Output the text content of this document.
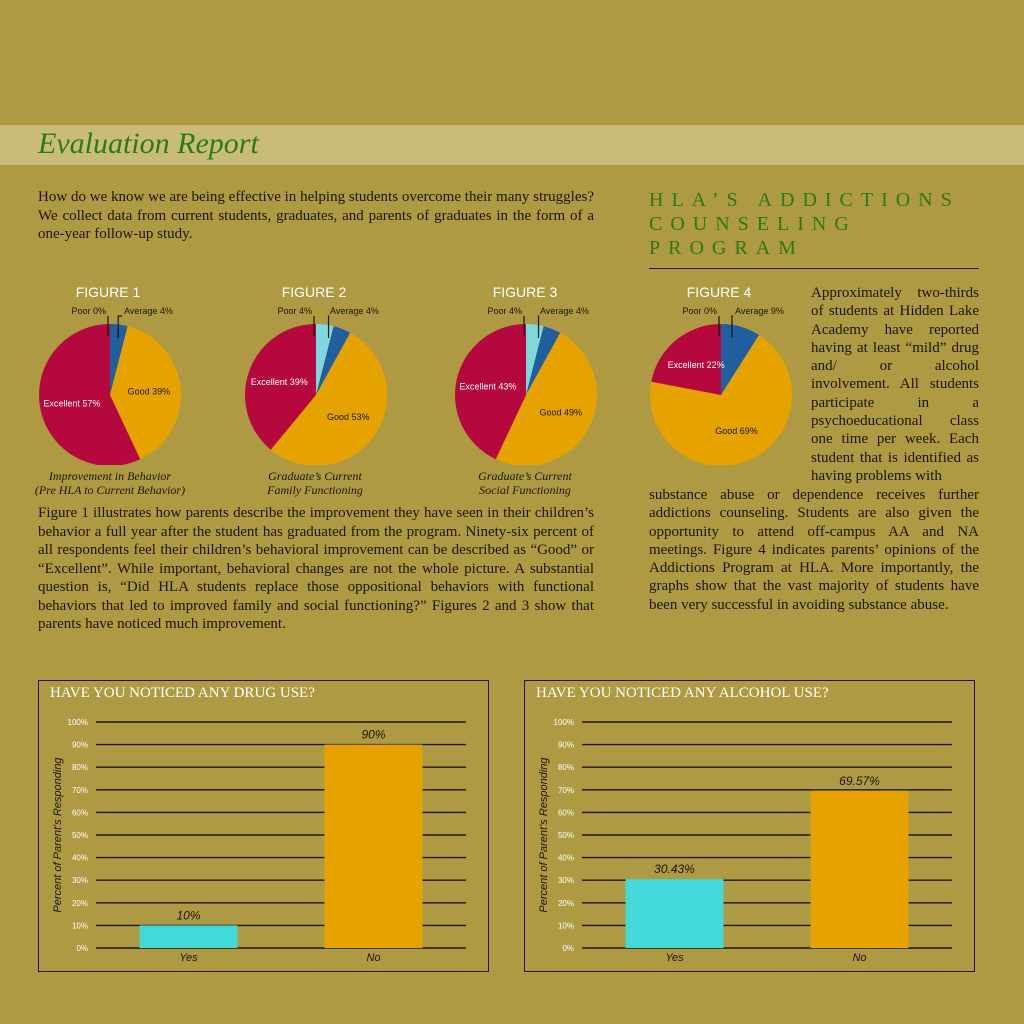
Evaluation Report
How do we know we are being effective in helping students overcome their many struggles? We collect data from current students, graduates, and parents of graduates in the form of a one-year follow-up study.
HLA’S ADDICTIONS
COUNSELING
PROGRAM
FIGURE 1	FIGURE 2	FIGURE 3	FIGURE 4
Poor 0% Average 4%
Good 39%
Excellent 57%
Poor 4% Average 4%
Good 53%
Excellent 39%
Poor 4% Average 4%
Good 49%
Excellent 43%
Poor 0% Average 9%
Good 69%
Excellent 22%
Improvement in Behavior
(Pre HLA to Current Behavior)
Graduate’s Current
Family Functioning
Graduate’s Current
Social Functioning
Approximately two-thirds of students at Hidden Lake Academy have reported having at least “mild” drug and/ or alcohol involvement. All students participate in a psychoeducational class one time per week. Each student that is identified as having problems with
substance abuse or dependence receives further addictions counseling. Students are also given the opportunity to attend off-campus AA and NA meetings. Figure 4 indicates parents’ opinions of the Addictions Program at HLA. More importantly, the graphs show that the vast majority of students have been very successful in avoiding substance abuse.
Figure 1 illustrates how parents describe the improvement they have seen in their children’s behavior a full year after the student has graduated from the program. Ninety-six percent of all respondents feel their children’s behavioral improvement can be described as “Good” or “Excellent”. While important, behavioral changes are not the whole picture. A substantial question is, “Did HLA students replace those oppositional behaviors with functional behaviors that led to improved family and social functioning?” Figures 2 and 3 show that parents have noticed much improvement.
HAVE YOU NOTICED ANY DRUG USE?
0%
10%
20%
30%
40%
50%
60%
70%
80%
90%
100%
Percent of Parent’s Responding
10%
Yes
90%
No
HAVE YOU NOTICED ANY ALCOHOL USE?
0%
10%
20%
30%
40%
50%
60%
70%
80%
90%
100%
Percent of Parent’s Responding	30.43%
Yes
69.57%
No
